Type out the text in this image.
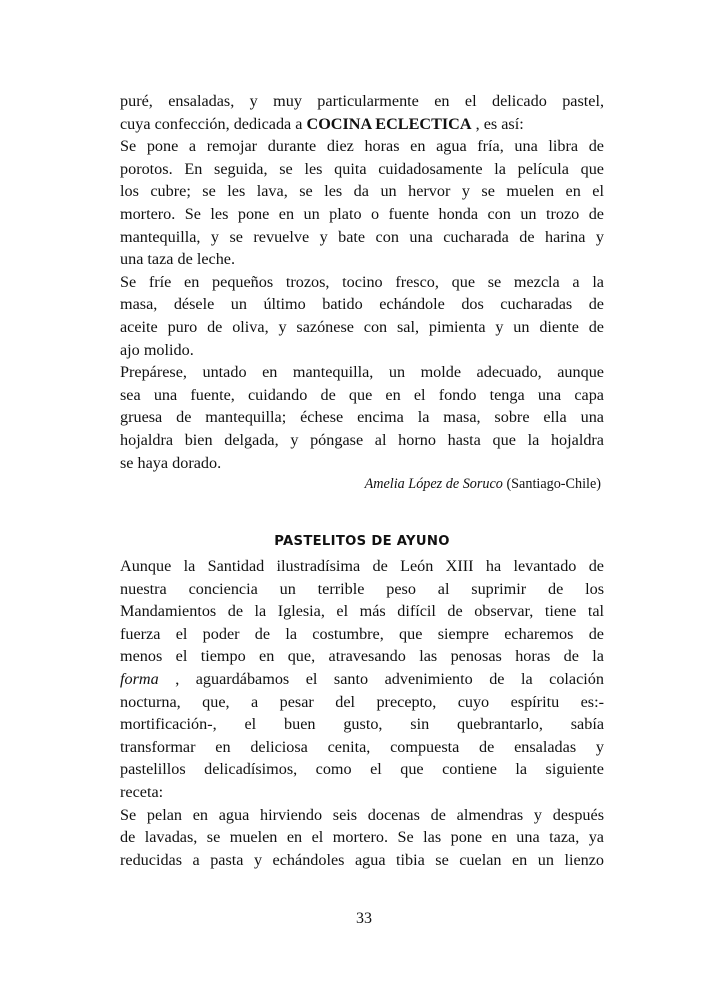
puré, ensaladas, y muy particularmente en el delicado pastel,
cuya confección, dedicada a COCINA ECLECTICA , es así:

Se pone a remojar durante diez horas en agua fría, una libra de
porotos. En seguida, se les quita cuidadosamente la película que
los cubre; se les lava, se les da un hervor y se muelen en el
mortero. Se les pone en un plato o fuente honda con un trozo de
mantequilla, y se revuelve y bate con una cucharada de harina y
una taza de leche.

Se fríe en pequeños trozos, tocino fresco, que se mezcla a la
masa, désele un último batido echándole dos cucharadas de
aceite puro de oliva, y sazónese con sal, pimienta y un diente de
ajo molido.

Prepárese, untado en mantequilla, un molde adecuado, aunque
sea una fuente, cuidando de que en el fondo tenga una capa
gruesa de mantequilla; échese encima la masa, sobre ella una
hojaldra bien delgada, y póngase al horno hasta que la hojaldra
se haya dorado.

Amelia López de Soruco (Santiago-Chile)

PASTELITOS DE AYUNO

Aunque la Santidad ilustradísima de León XIII ha levantado de
nuestra conciencia un terrible peso al suprimir de los
Mandamientos de la Iglesia, el más difícil de observar, tiene tal
fuerza el poder de la costumbre, que siempre echaremos de
menos el tiempo en que, atravesando las penosas horas de la
forma , aguardábamos el santo advenimiento de la colación
nocturna, que, a pesar del precepto, cuyo espíritu es:-
mortificación-, el buen gusto, sin quebrantarlo, sabía
transformar en deliciosa cenita, compuesta de ensaladas y
pastelillos delicadísimos, como el que contiene la siguiente
receta:

Se pelan en agua hirviendo seis docenas de almendras y después
de lavadas, se muelen en el mortero. Se las pone en una taza, ya
reducidas a pasta y echándoles agua tibia se cuelan en un lienzo

33
